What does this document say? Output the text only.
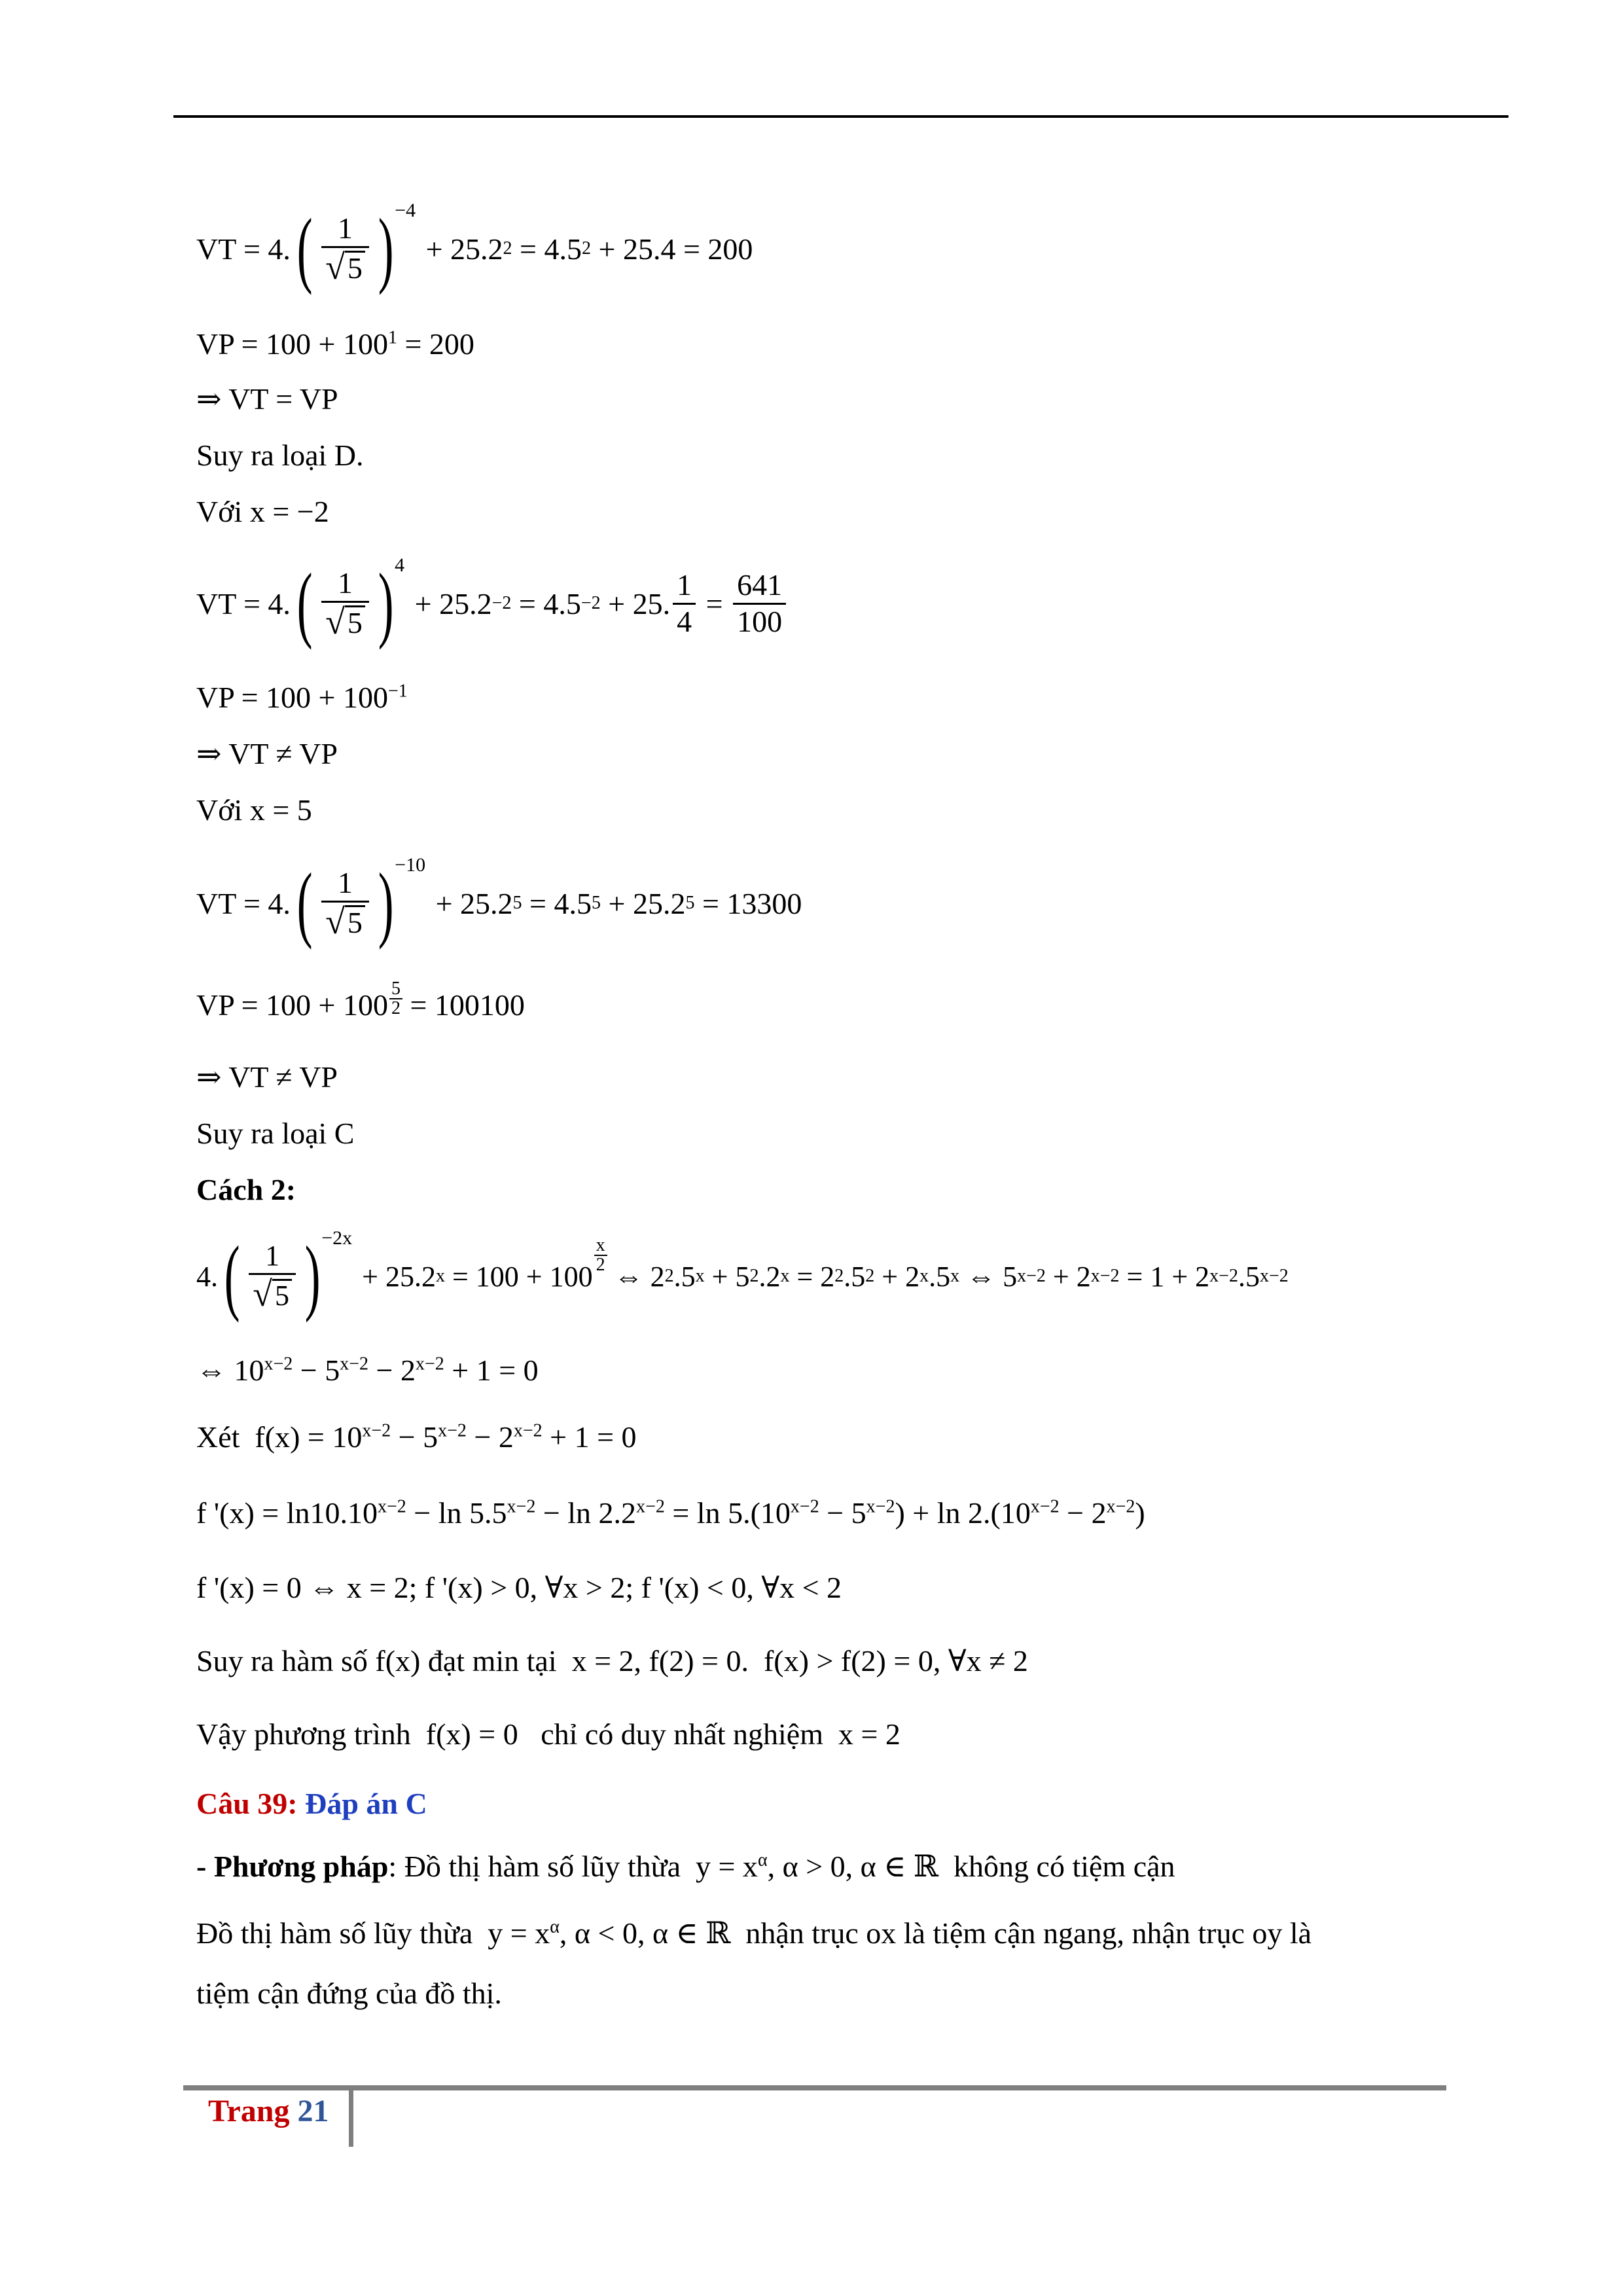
VT = 4. ( $\frac{1}{√ 5}$ ) −4
+ 25.2 2 = 4.5 2 + 25.4 = 200
VP = $100 + 100^1 = 200$
⇒ VT = VP
Suy ra loại D.
Với x = −2
VT = 4. ( $\frac{1}{√ 5}$ ) 4
+ 25.2 −2 = 4.5 −2 + 25. $\frac{1}{4} = \frac{641}{100}$
VP = $100 + 100^{-1}$
⇒ VT ≠ VP
Với x = 5
VT = 4. ( $\frac{1}{√ 5}$ ) −10
+ 25.2 5 = 4.5 5 + 25.2 5 = 13300
VP = $100 + 100 \frac{5}{2} = 100100$
⇒ VT ≠ VP
Suy ra loại C
Cách 2:
4. ( $\frac{1}{√ 5}$ ) −2x
+ 25.2 x = 100 + 100
x
2 ⇔ 2 2 .5 x + 5 2 .2 x = 2 2 .5 2 + 2 x .5 x ⇔ 5 x−2 + 2 x−2 = 1 + 2 x−2 .5 x−2
⇔ $10^{x-2} - 5^{x-2} - 2^{x-2} + 1 = 0$
Xét  $f(x) = 10^{x-2} - 5^{x-2} - 2^{x-2} + 1 = 0$
f '$(x) = \ln 10.10^{x-2} - \ln 5.5^{x-2} - \ln 2.2^{x-2} = \ln 5.(10^{x-2} - 5^{x-2}) + \ln 2.(10^{x-2} - 2^{x-2})$
f '(x) = 0 ⇔ x = 2; f '(x) > 0, ∀x > 2; f '(x) < 0, ∀x < 2
Suy ra hàm số f(x) đạt min tại  x = 2, f(2) = 0.  f(x) > f(2) = 0, ∀x ≠ 2
Vậy phương trình  f(x) = 0   chỉ có duy nhất nghiệm  x = 2
Câu 39: Đáp án C
- Phương pháp: Đồ thị hàm số lũy thừa  $y = x^\alpha$, α > 0, α ∈ ℝ  không có tiệm cận
Đồ thị hàm số lũy thừa  $y = x^\alpha$, α < 0, α ∈ ℝ  nhận trục ox là tiệm cận ngang, nhận trục oy là
tiệm cận đứng của đồ thị.
Trang 21
